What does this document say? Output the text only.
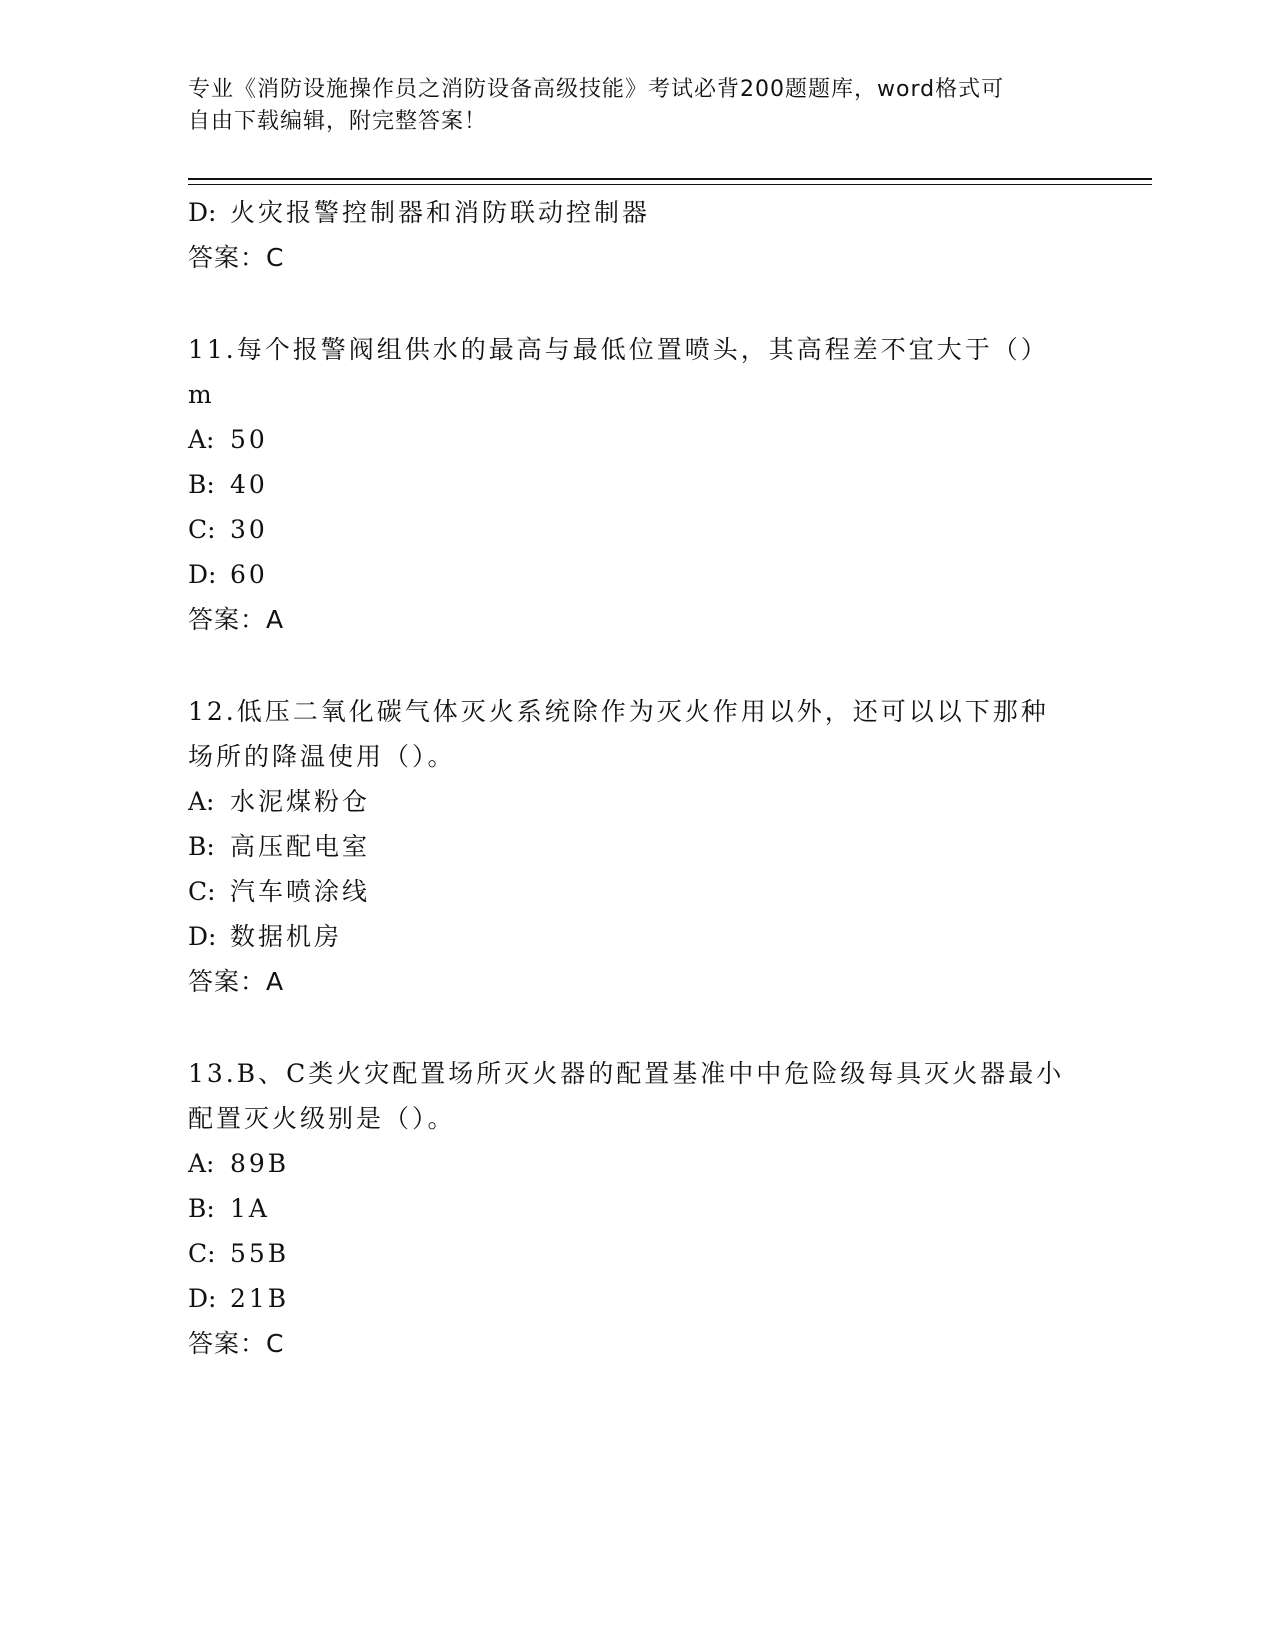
专业《消防设施操作员之消防设备高级技能》考试必背200题题库，word格式可
自由下载编辑，附完整答案！
D: 火灾报警控制器和消防联动控制器
答案：C
11.每个报警阀组供水的最高与最低位置喷头，其高程差不宜大于（）
m
A: 50
B: 40
C: 30
D: 60
答案：A
12.低压二氧化碳气体灭火系统除作为灭火作用以外，还可以以下那种
场所的降温使用（）。
A: 水泥煤粉仓
B: 高压配电室
C: 汽车喷涂线
D: 数据机房
答案：A
13.B、C类火灾配置场所灭火器的配置基准中中危险级每具灭火器最小
配置灭火级别是（）。
A: 89B
B: 1A
C: 55B
D: 21B
答案：C
